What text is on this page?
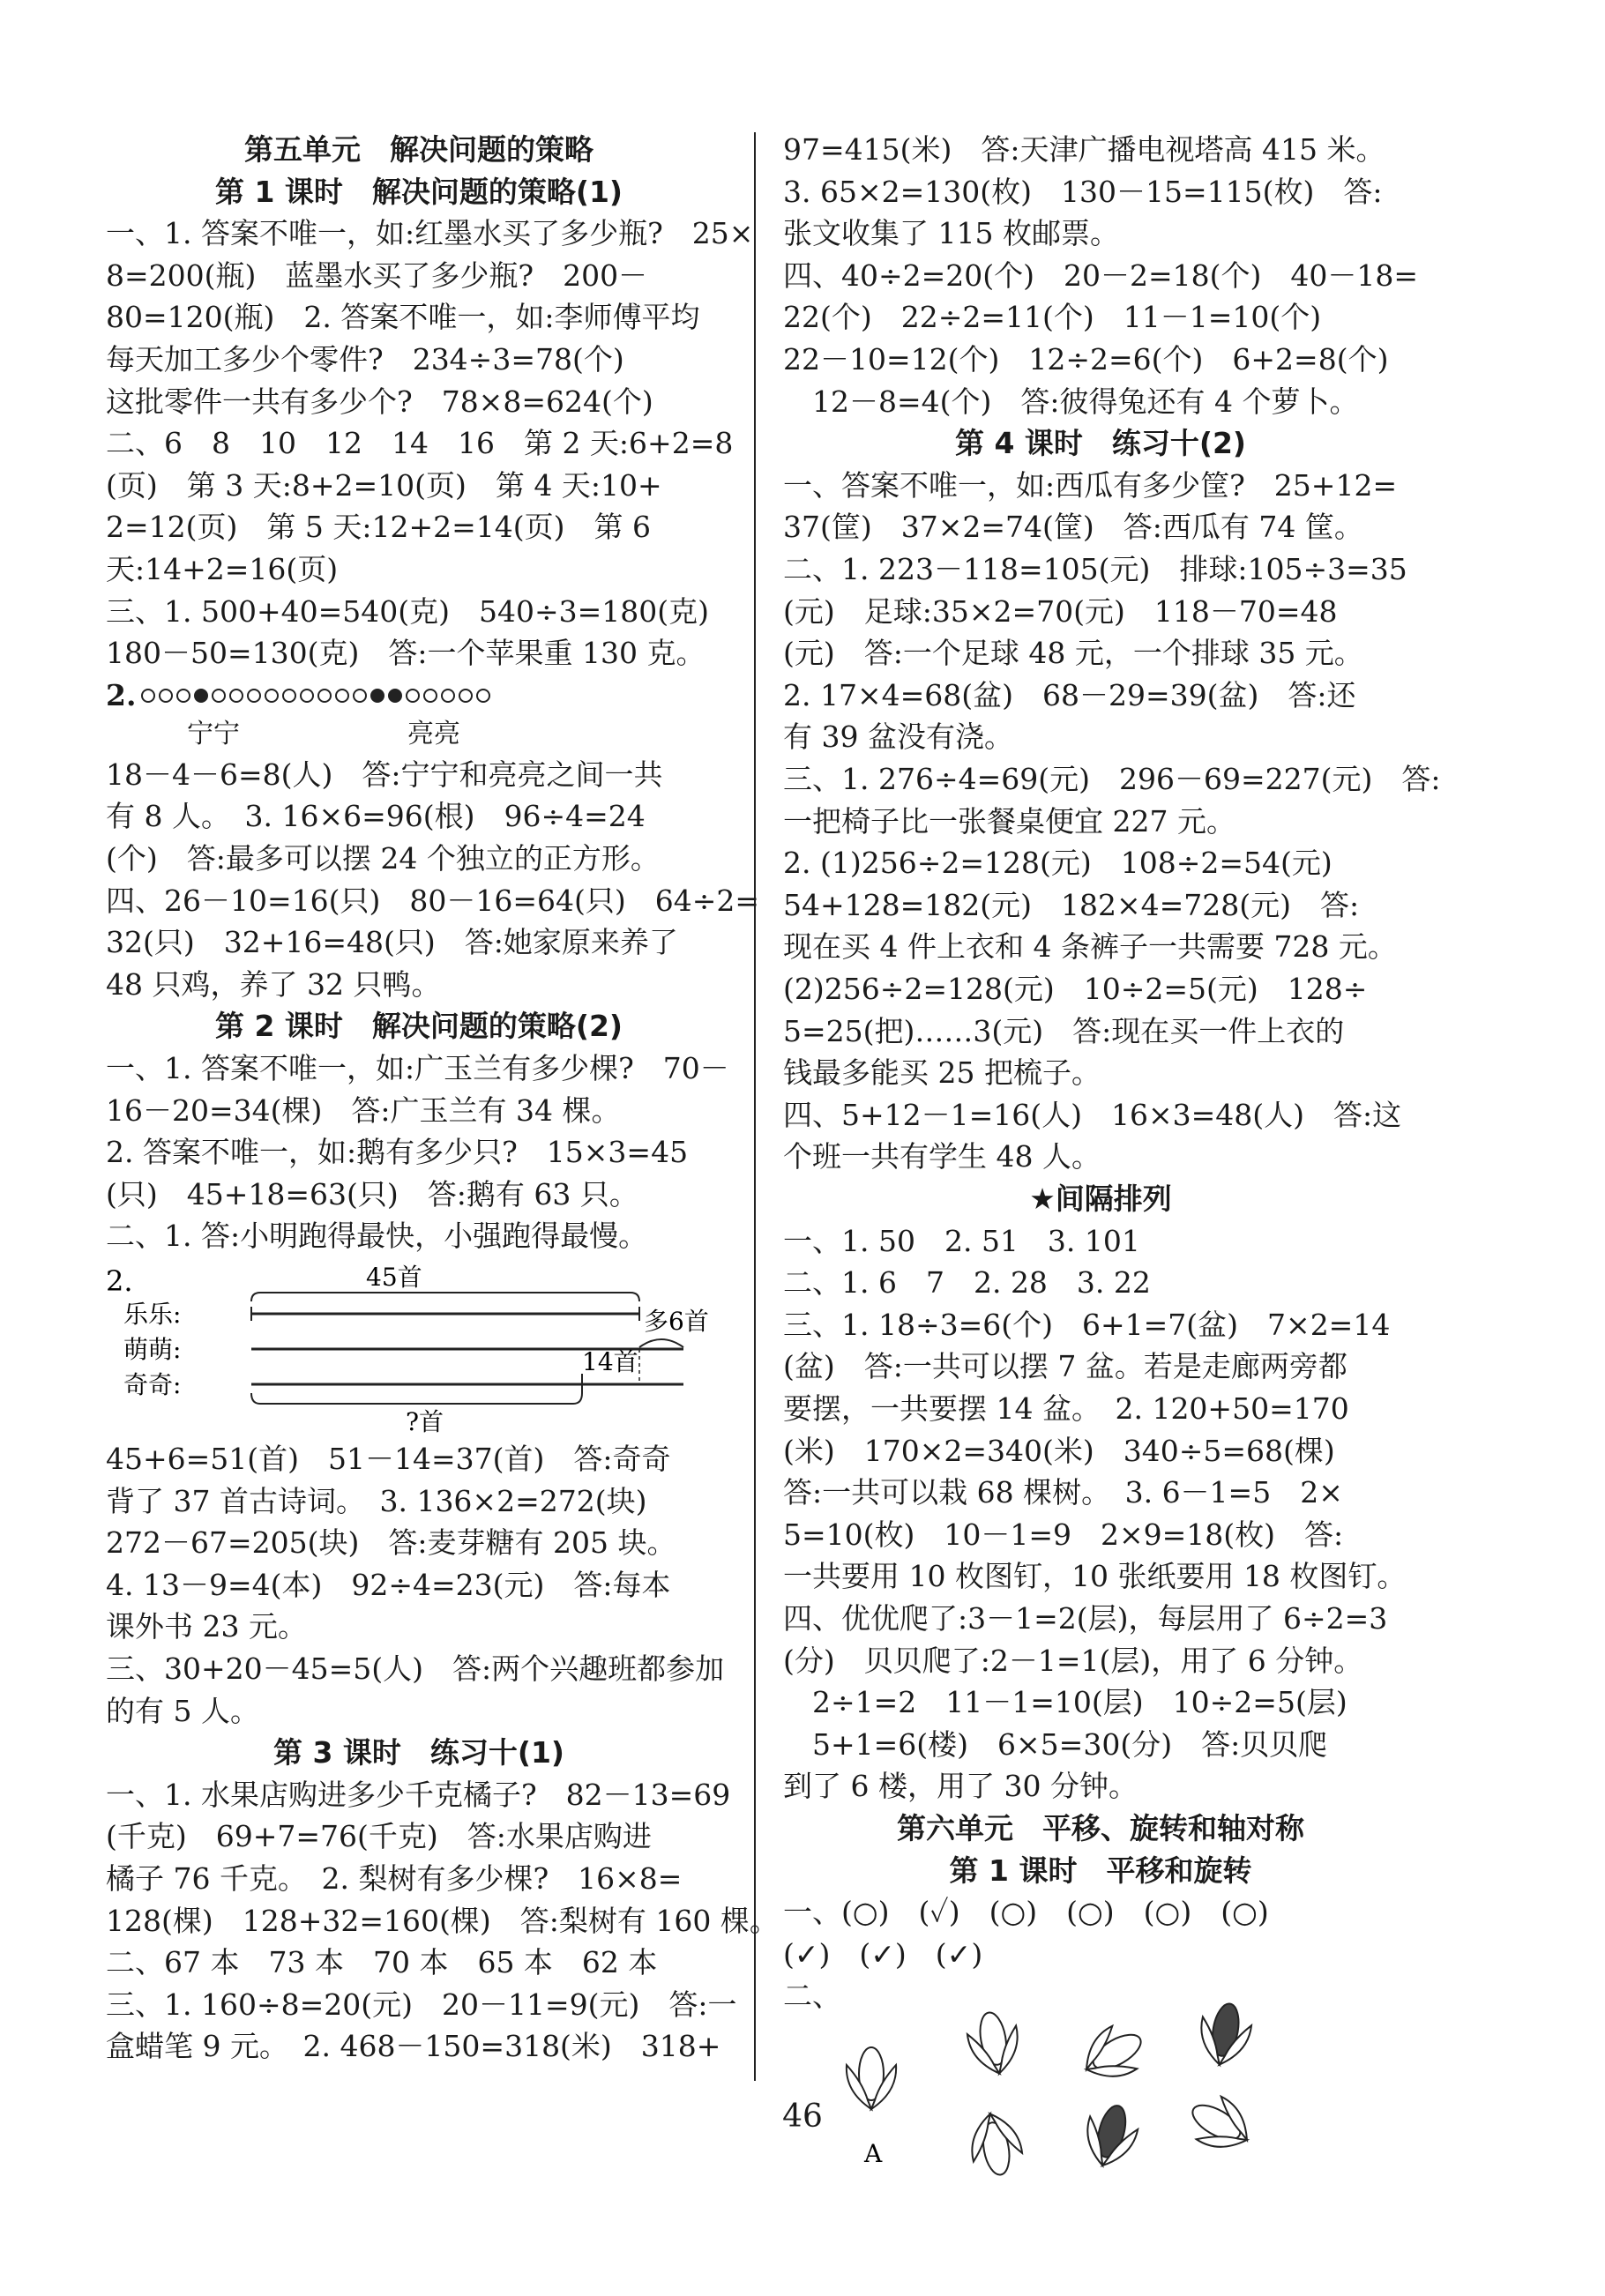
第五单元　解决问题的策略
第 1 课时　解决问题的策略(1)
一、1. 答案不唯一，如:红墨水买了多少瓶?　25×
8=200(瓶)　蓝墨水买了多少瓶?　200－
80=120(瓶)　2. 答案不唯一，如:李师傅平均
每天加工多少个零件?　234÷3=78(个)
这批零件一共有多少个?　78×8=624(个)
二、6　8　10　12　14　16　第 2 天:6+2=8
(页)　第 3 天:8+2=10(页)　第 4 天:10+
2=12(页)　第 5 天:12+2=14(页)　第 6
天:14+2=16(页)
三、1. 500+40=540(克)　540÷3=180(克)
180－50=130(克)　答:一个苹果重 130 克。
2.
宁宁	亮亮
18－4－6=8(人)　答:宁宁和亮亮之间一共
有 8 人。　3. 16×6=96(根)　96÷4=24
(个)　答:最多可以摆 24 个独立的正方形。
四、26－10=16(只)　80－16=64(只)　64÷2=
32(只)　32+16=48(只)　答:她家原来养了
48 只鸡，养了 32 只鸭。
第 2 课时　解决问题的策略(2)
一、1. 答案不唯一，如:广玉兰有多少棵?　70－
16－20=34(棵)　答:广玉兰有 34 棵。
2. 答案不唯一，如:鹅有多少只?　15×3=45
(只)　45+18=63(只)　答:鹅有 63 只。
二、1. 答:小明跑得最快，小强跑得最慢。
2.	45首
乐乐:	多6首
萌萌:	14首
奇奇:
?首
45+6=51(首)　51－14=37(首)　答:奇奇
背了 37 首古诗词。　3. 136×2=272(块)
272－67=205(块)　答:麦芽糖有 205 块。
4. 13－9=4(本)　92÷4=23(元)　答:每本
课外书 23 元。
三、30+20－45=5(人)　答:两个兴趣班都参加
的有 5 人。
第 3 课时　练习十(1)
一、1. 水果店购进多少千克橘子?　82－13=69
(千克)　69+7=76(千克)　答:水果店购进
橘子 76 千克。　2. 梨树有多少棵?　16×8=
128(棵)　128+32=160(棵)　答:梨树有 160 棵。
二、67 本　73 本　70 本　65 本　62 本
三、1. 160÷8=20(元)　20－11=9(元)　答:一
盒蜡笔 9 元。　2. 468－150=318(米)　318+
97=415(米)　答:天津广播电视塔高 415 米。
3. 65×2=130(枚)　130－15=115(枚)　答:
张文收集了 115 枚邮票。
四、40÷2=20(个)　20－2=18(个)　40－18=
22(个)　22÷2=11(个)　11－1=10(个)
22－10=12(个)　12÷2=6(个)　6+2=8(个)
　12－8=4(个)　答:彼得兔还有 4 个萝卜。
第 4 课时　练习十(2)
一、答案不唯一，如:西瓜有多少筐?　25+12=
37(筐)　37×2=74(筐)　答:西瓜有 74 筐。
二、1. 223－118=105(元)　排球:105÷3=35
(元)　足球:35×2=70(元)　118－70=48
(元)　答:一个足球 48 元，一个排球 35 元。
2. 17×4=68(盆)　68－29=39(盆)　答:还
有 39 盆没有浇。
三、1. 276÷4=69(元)　296－69=227(元)　答:
一把椅子比一张餐桌便宜 227 元。
2. (1)256÷2=128(元)　108÷2=54(元)
54+128=182(元)　182×4=728(元)　答:
现在买 4 件上衣和 4 条裤子一共需要 728 元。
(2)256÷2=128(元)　10÷2=5(元)　128÷
5=25(把)……3(元)　答:现在买一件上衣的
钱最多能买 25 把梳子。
四、5+12－1=16(人)　16×3=48(人)　答:这
个班一共有学生 48 人。
★间隔排列
一、1. 50　2. 51　3. 101
二、1. 6　7　2. 28　3. 22
三、1. 18÷3=6(个)　6+1=7(盆)　7×2=14
(盆)　答:一共可以摆 7 盆。若是走廊两旁都
要摆，一共要摆 14 盆。　2. 120+50=170
(米)　170×2=340(米)　340÷5=68(棵)
答:一共可以栽 68 棵树。　3. 6－1=5　2×
5=10(枚)　10－1=9　2×9=18(枚)　答:
一共要用 10 枚图钉，10 张纸要用 18 枚图钉。
四、优优爬了:3－1=2(层)，每层用了 6÷2=3
(分)　贝贝爬了:2－1=1(层)，用了 6 分钟。
　2÷1=2　11－1=10(层)　10÷2=5(层)
　5+1=6(楼)　6×5=30(分)　答:贝贝爬
到了 6 楼，用了 30 分钟。
第六单元　平移、旋转和轴对称
第 1 课时　平移和旋转
一、(○)　(✓)　(○)　(○)　(○)　(○)
(✓)　(✓)　(✓)
二、
A
46
